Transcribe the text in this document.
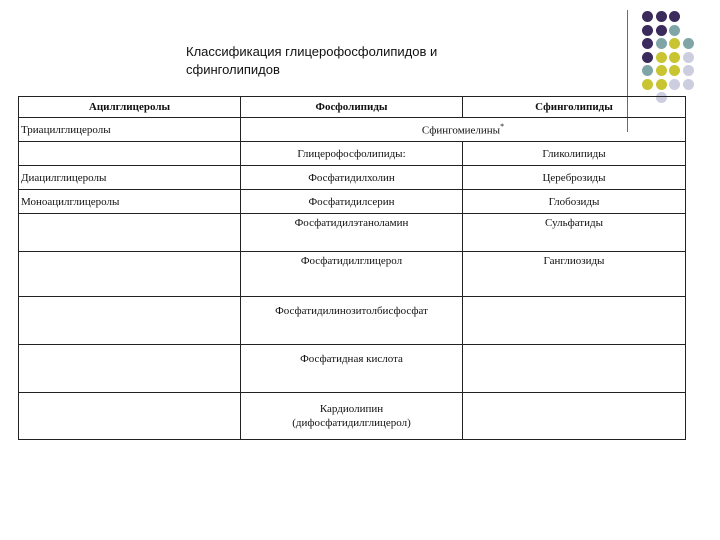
Классификация глицерофосфолипидов и
сфинголипидов
Ацилглицеролы	Фосфолипиды	Сфинголипиды
Триацилглицеролы	Сфингомиелины*
	Глицерофосфолипиды:	Гликолипиды
Диацилглицеролы	Фосфатидилхолин	Цереброзиды
Моноацилглицеролы	Фосфатидилсерин	Глобозиды
	Фосфатидилэтаноламин	Сульфатиды
	Фосфатидилглицерол	Ганглиозиды
	Фосфатидилинозитолбисфосфат	
	Фосфатидная кислота	

	Кардиолипин
(дифосфатидилглицерол)	
